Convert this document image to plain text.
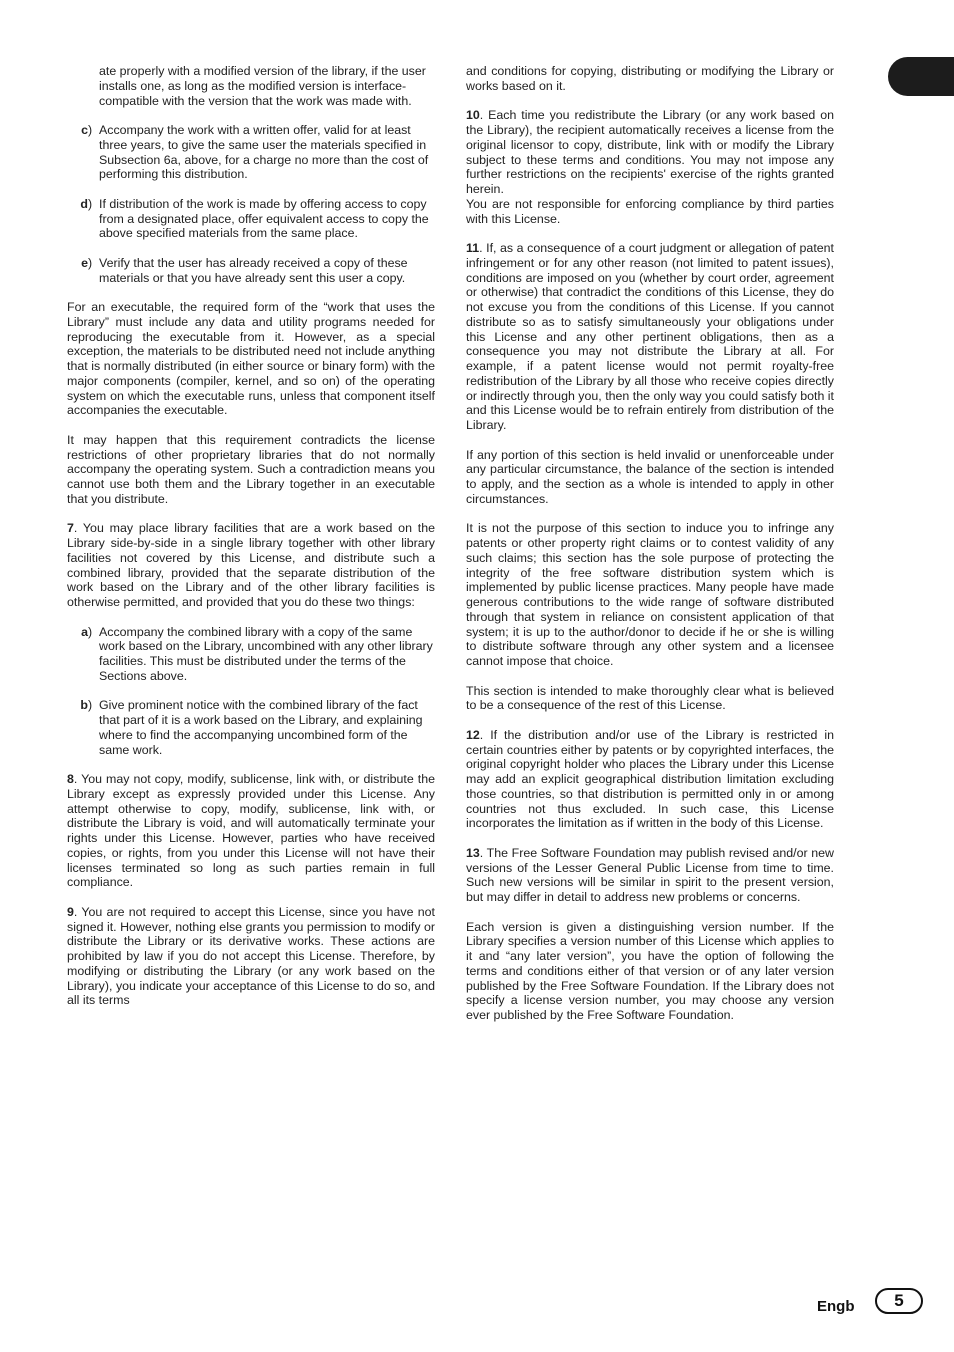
ate properly with a modified version of the library, if the user installs one, as long as the modified version is interface-compatible with the version that the work was made with.

c) Accompany the work with a written offer, valid for at least three years, to give the same user the materials specified in Subsection 6a, above, for a charge no more than the cost of performing this distribution.
d) If distribution of the work is made by offering access to copy from a designated place, offer equivalent access to copy the above specified materials from the same place.
e) Verify that the user has already received a copy of these materials or that you have already sent this user a copy.

For an executable, the required form of the “work that uses the Library” must include any data and utility programs needed for reproducing the executable from it. However, as a special exception, the materials to be distributed need not include anything that is normally distributed (in either source or binary form) with the major components (compiler, kernel, and so on) of the operating system on which the executable runs, unless that component itself accompanies the executable.

It may happen that this requirement contradicts the license restrictions of other proprietary libraries that do not normally accompany the operating system. Such a contradiction means you cannot use both them and the Library together in an executable that you distribute.

7. You may place library facilities that are a work based on the Library side-by-side in a single library together with other library facilities not covered by this License, and distribute such a combined library, provided that the separate distribution of the work based on the Library and of the other library facilities is otherwise permitted, and provided that you do these two things:

a) Accompany the combined library with a copy of the same work based on the Library, uncombined with any other library facilities. This must be distributed under the terms of the Sections above.
b) Give prominent notice with the combined library of the fact that part of it is a work based on the Library, and explaining where to find the accompanying uncombined form of the same work.

8. You may not copy, modify, sublicense, link with, or distribute the Library except as expressly provided under this License. Any attempt otherwise to copy, modify, sublicense, link with, or distribute the Library is void, and will automatically terminate your rights under this License. However, parties who have received copies, or rights, from you under this License will not have their licenses terminated so long as such parties remain in full compliance.

9. You are not required to accept this License, since you have not signed it. However, nothing else grants you permission to modify or distribute the Library or its derivative works. These actions are prohibited by law if you do not accept this License. Therefore, by modifying or distributing the Library (or any work based on the Library), you indicate your acceptance of this License to do so, and all its terms

and conditions for copying, distributing or modifying the Library or works based on it.

10. Each time you redistribute the Library (or any work based on the Library), the recipient automatically receives a license from the original licensor to copy, distribute, link with or modify the Library subject to these terms and conditions. You may not impose any further restrictions on the recipients' exercise of the rights granted herein.

You are not responsible for enforcing compliance by third parties with this License.

11. If, as a consequence of a court judgment or allegation of patent infringement or for any other reason (not limited to patent issues), conditions are imposed on you (whether by court order, agreement or otherwise) that contradict the conditions of this License, they do not excuse you from the conditions of this License. If you cannot distribute so as to satisfy simultaneously your obligations under this License and any other pertinent obligations, then as a consequence you may not distribute the Library at all. For example, if a patent license would not permit royalty-free redistribution of the Library by all those who receive copies directly or indirectly through you, then the only way you could satisfy both it and this License would be to refrain entirely from distribution of the Library.

If any portion of this section is held invalid or unenforceable under any particular circumstance, the balance of the section is intended to apply, and the section as a whole is intended to apply in other circumstances.

It is not the purpose of this section to induce you to infringe any patents or other property right claims or to contest validity of any such claims; this section has the sole purpose of protecting the integrity of the free software distribution system which is implemented by public license practices. Many people have made generous contributions to the wide range of software distributed through that system in reliance on consistent application of that system; it is up to the author/donor to decide if he or she is willing to distribute software through any other system and a licensee cannot impose that choice.

This section is intended to make thoroughly clear what is believed to be a consequence of the rest of this License.

12. If the distribution and/or use of the Library is restricted in certain countries either by patents or by copyrighted interfaces, the original copyright holder who places the Library under this License may add an explicit geographical distribution limitation excluding those countries, so that distribution is permitted only in or among countries not thus excluded. In such case, this License incorporates the limitation as if written in the body of this License.

13. The Free Software Foundation may publish revised and/or new versions of the Lesser General Public License from time to time. Such new versions will be similar in spirit to the present version, but may differ in detail to address new problems or concerns.

Each version is given a distinguishing version number. If the Library specifies a version number of this License which applies to it and “any later version”, you have the option of following the terms and conditions either of that version or of any later version published by the Free Software Foundation. If the Library does not specify a license version number, you may choose any version ever published by the Free Software Foundation.

Engb	5
